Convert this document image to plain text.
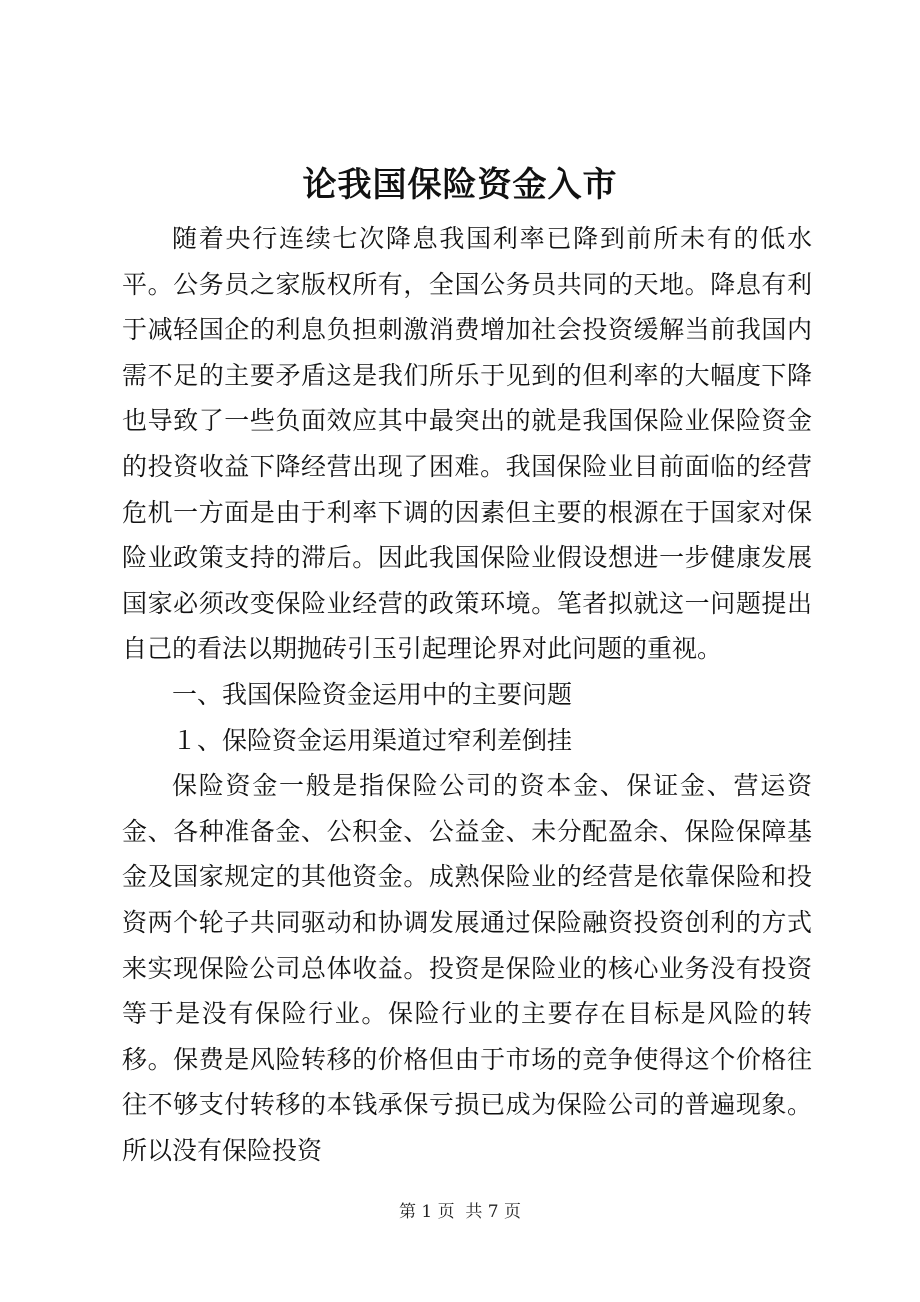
论我国保险资金入市

随着央行连续七次降息我国利率已降到前所未有的低水平。公务员之家版权所有，全国公务员共同的天地。降息有利于减轻国企的利息负担刺激消费增加社会投资缓解当前我国内需不足的主要矛盾这是我们所乐于见到的但利率的大幅度下降也导致了一些负面效应其中最突出的就是我国保险业保险资金的投资收益下降经营出现了困难。我国保险业目前面临的经营危机一方面是由于利率下调的因素但主要的根源在于国家对保险业政策支持的滞后。因此我国保险业假设想进一步健康发展国家必须改变保险业经营的政策环境。笔者拟就这一问题提出自己的看法以期抛砖引玉引起理论界对此问题的重视。

一、我国保险资金运用中的主要问题

１、保险资金运用渠道过窄利差倒挂

保险资金一般是指保险公司的资本金、保证金、营运资金、各种准备金、公积金、公益金、未分配盈余、保险保障基金及国家规定的其他资金。成熟保险业的经营是依靠保险和投资两个轮子共同驱动和协调发展通过保险融资投资创利的方式来实现保险公司总体收益。投资是保险业的核心业务没有投资等于是没有保险行业。保险行业的主要存在目标是风险的转移。保费是风险转移的价格但由于市场的竞争使得这个价格往往不够支付转移的本钱承保亏损已成为保险公司的普遍现象。所以没有保险投资

第 1 页  共 7 页
